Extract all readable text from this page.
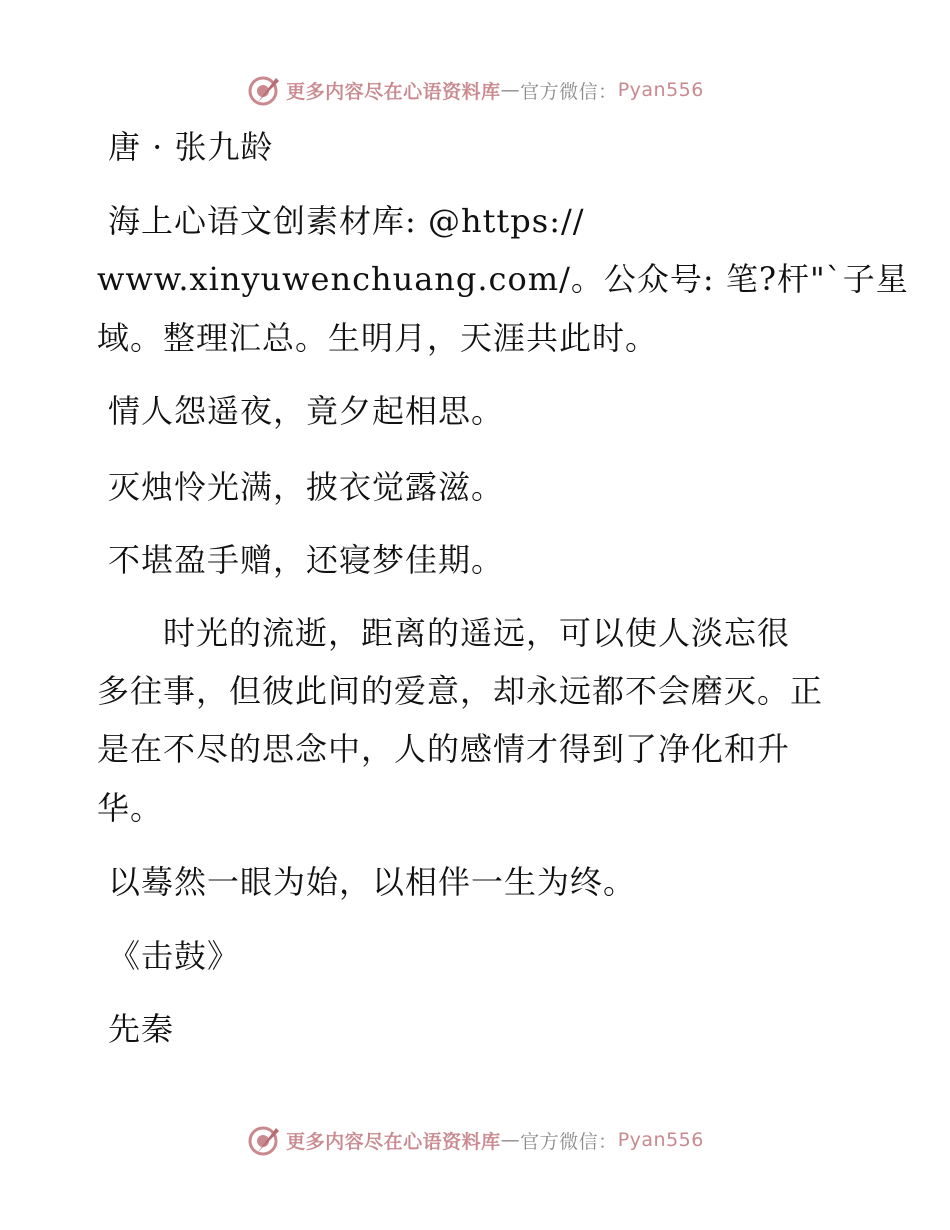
更多内容尽在心语资料库 — 官方微信： Pyan556
唐 · 张九龄
海上心语文创素材库: @https://
www.xinyuwenchuang.com/。公众号: 笔?杆"`子星
域。整理汇总。生明月，天涯共此时。
情人怨遥夜，竟夕起相思。
灭烛怜光满，披衣觉露滋。
不堪盈手赠，还寝梦佳期。
　　时光的流逝，距离的遥远，可以使人淡忘很
多往事，但彼此间的爱意，却永远都不会磨灭。正
是在不尽的思念中，人的感情才得到了净化和升
华。
以蓦然一眼为始，以相伴一生为终。
《击鼓》
先秦
更多内容尽在心语资料库 — 官方微信： Pyan556
